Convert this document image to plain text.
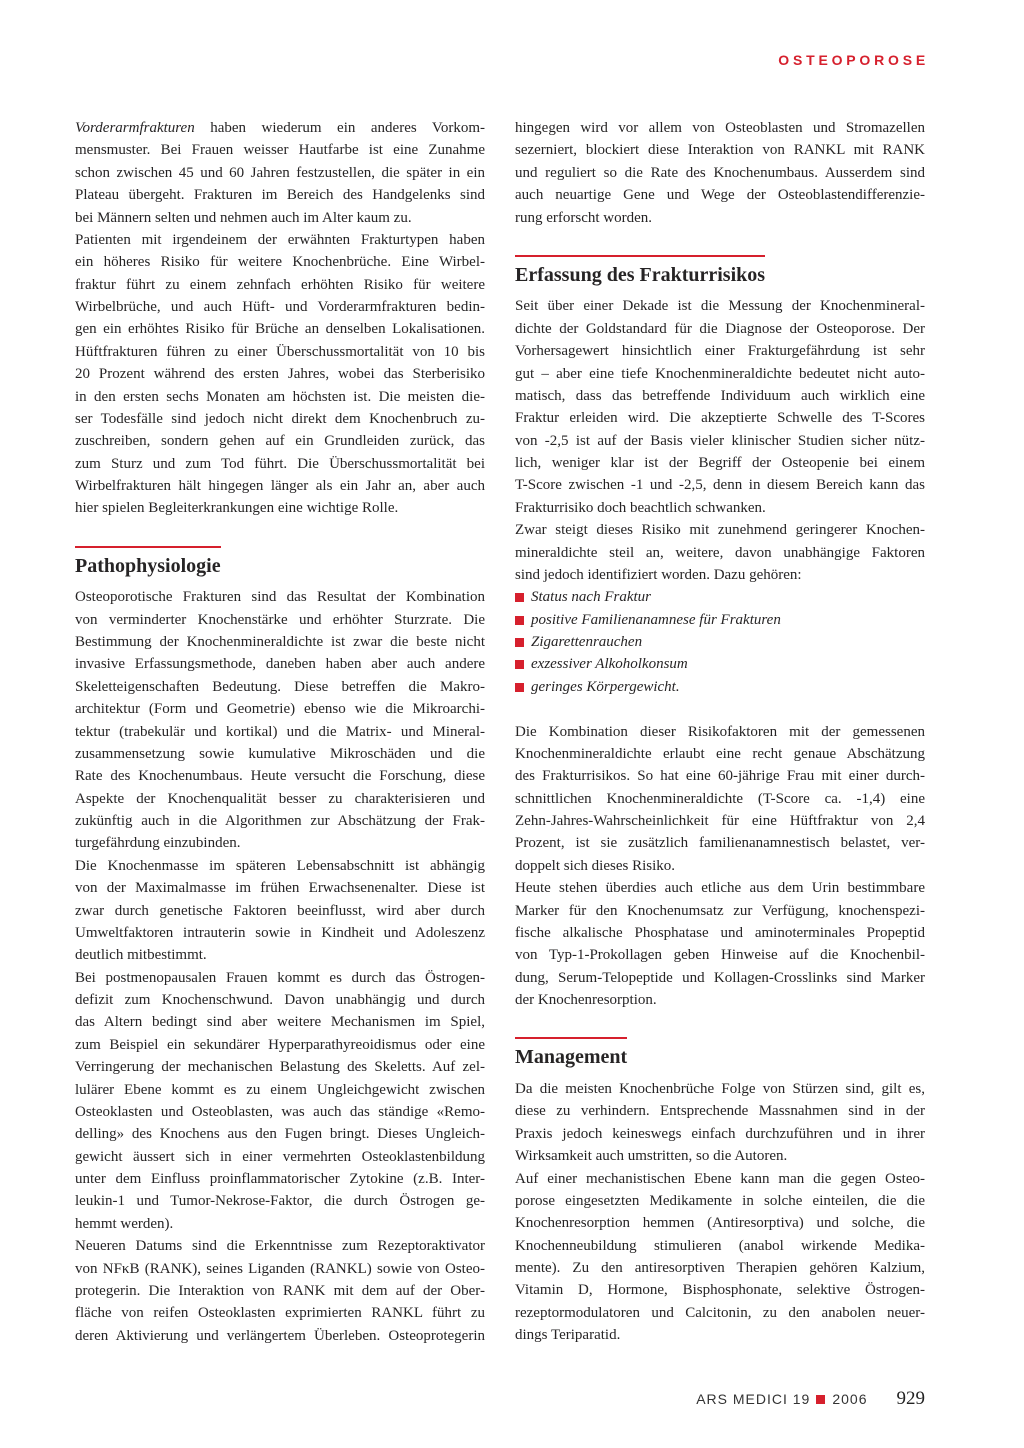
OSTEOPOROSE
Vorderarmfrakturen haben wiederum ein anderes Vorkom-
mensmuster. Bei Frauen weisser Hautfarbe ist eine Zunahme
schon zwischen 45 und 60 Jahren festzustellen, die später in ein
Plateau übergeht. Frakturen im Bereich des Handgelenks sind
bei Männern selten und nehmen auch im Alter kaum zu.
Patienten mit irgendeinem der erwähnten Frakturtypen haben
ein höheres Risiko für weitere Knochenbrüche. Eine Wirbel-
fraktur führt zu einem zehnfach erhöhten Risiko für weitere
Wirbelbrüche, und auch Hüft- und Vorderarmfrakturen bedin-
gen ein erhöhtes Risiko für Brüche an denselben Lokalisationen.
Hüftfrakturen führen zu einer Überschussmortalität von 10 bis
20 Prozent während des ersten Jahres, wobei das Sterberisiko
in den ersten sechs Monaten am höchsten ist. Die meisten die-
ser Todesfälle sind jedoch nicht direkt dem Knochenbruch zu-
zuschreiben, sondern gehen auf ein Grundleiden zurück, das
zum Sturz und zum Tod führt. Die Überschussmortalität bei
Wirbelfrakturen hält hingegen länger als ein Jahr an, aber auch
hier spielen Begleiterkrankungen eine wichtige Rolle.
Pathophysiologie
Osteoporotische Frakturen sind das Resultat der Kombination
von verminderter Knochenstärke und erhöhter Sturzrate. Die
Bestimmung der Knochenmineraldichte ist zwar die beste nicht
invasive Erfassungsmethode, daneben haben aber auch andere
Skeletteigenschaften Bedeutung. Diese betreffen die Makro-
architektur (Form und Geometrie) ebenso wie die Mikroarchi-
tektur (trabekulär und kortikal) und die Matrix- und Mineral-
zusammensetzung sowie kumulative Mikroschäden und die
Rate des Knochenumbaus. Heute versucht die Forschung, diese
Aspekte der Knochenqualität besser zu charakterisieren und
zukünftig auch in die Algorithmen zur Abschätzung der Frak-
turgefährdung einzubinden.
Die Knochenmasse im späteren Lebensabschnitt ist abhängig
von der Maximalmasse im frühen Erwachsenenalter. Diese ist
zwar durch genetische Faktoren beeinflusst, wird aber durch
Umweltfaktoren intrauterin sowie in Kindheit und Adoleszenz
deutlich mitbestimmt.
Bei postmenopausalen Frauen kommt es durch das Östrogen-
defizit zum Knochenschwund. Davon unabhängig und durch
das Altern bedingt sind aber weitere Mechanismen im Spiel,
zum Beispiel ein sekundärer Hyperparathyreoidismus oder eine
Verringerung der mechanischen Belastung des Skeletts. Auf zel-
lulärer Ebene kommt es zu einem Ungleichgewicht zwischen
Osteoklasten und Osteoblasten, was auch das ständige «Remo-
delling» des Knochens aus den Fugen bringt. Dieses Ungleich-
gewicht äussert sich in einer vermehrten Osteoklastenbildung
unter dem Einfluss proinflammatorischer Zytokine (z.B. Inter-
leukin-1 und Tumor-Nekrose-Faktor, die durch Östrogen ge-
hemmt werden).
Neueren Datums sind die Erkenntnisse zum Rezeptoraktivator
von NFκB (RANK), seines Liganden (RANKL) sowie von Osteo-
protegerin. Die Interaktion von RANK mit dem auf der Ober-
fläche von reifen Osteoklasten exprimierten RANKL führt zu
deren Aktivierung und verlängertem Überleben. Osteoprotegerin
hingegen wird vor allem von Osteoblasten und Stromazellen
sezerniert, blockiert diese Interaktion von RANKL mit RANK
und reguliert so die Rate des Knochenumbaus. Ausserdem sind
auch neuartige Gene und Wege der Osteoblastendifferenzie-
rung erforscht worden.
Erfassung des Frakturrisikos
Seit über einer Dekade ist die Messung der Knochenmineral-
dichte der Goldstandard für die Diagnose der Osteoporose. Der
Vorhersagewert hinsichtlich einer Frakturgefährdung ist sehr
gut – aber eine tiefe Knochenmineraldichte bedeutet nicht auto-
matisch, dass das betreffende Individuum auch wirklich eine
Fraktur erleiden wird. Die akzeptierte Schwelle des T-Scores
von -2,5 ist auf der Basis vieler klinischer Studien sicher nütz-
lich, weniger klar ist der Begriff der Osteopenie bei einem
T-Score zwischen -1 und -2,5, denn in diesem Bereich kann das
Frakturrisiko doch beachtlich schwanken.
Zwar steigt dieses Risiko mit zunehmend geringerer Knochen-
mineraldichte steil an, weitere, davon unabhängige Faktoren
sind jedoch identifiziert worden. Dazu gehören:
Status nach Fraktur
positive Familienanamnese für Frakturen
Zigarettenrauchen
exzessiver Alkoholkonsum
geringes Körpergewicht.
Die Kombination dieser Risikofaktoren mit der gemessenen
Knochenmineraldichte erlaubt eine recht genaue Abschätzung
des Frakturrisikos. So hat eine 60-jährige Frau mit einer durch-
schnittlichen Knochenmineraldichte (T-Score ca. -1,4) eine
Zehn-Jahres-Wahrscheinlichkeit für eine Hüftfraktur von 2,4
Prozent, ist sie zusätzlich familienanamnestisch belastet, ver-
doppelt sich dieses Risiko.
Heute stehen überdies auch etliche aus dem Urin bestimmbare
Marker für den Knochenumsatz zur Verfügung, knochenspezi-
fische alkalische Phosphatase und aminoterminales Propeptid
von Typ-1-Prokollagen geben Hinweise auf die Knochenbil-
dung, Serum-Telopeptide und Kollagen-Crosslinks sind Marker
der Knochenresorption.
Management
Da die meisten Knochenbrüche Folge von Stürzen sind, gilt es,
diese zu verhindern. Entsprechende Massnahmen sind in der
Praxis jedoch keineswegs einfach durchzuführen und in ihrer
Wirksamkeit auch umstritten, so die Autoren.
Auf einer mechanistischen Ebene kann man die gegen Osteo-
porose eingesetzten Medikamente in solche einteilen, die die
Knochenresorption hemmen (Antiresorptiva) und solche, die
Knochenneubildung stimulieren (anabol wirkende Medika-
mente). Zu den antiresorptiven Therapien gehören Kalzium,
Vitamin D, Hormone, Bisphosphonate, selektive Östrogen-
rezeptormodulatoren und Calcitonin, zu den anabolen neuer-
dings Teriparatid.
ARS MEDICI 19 2006 929
